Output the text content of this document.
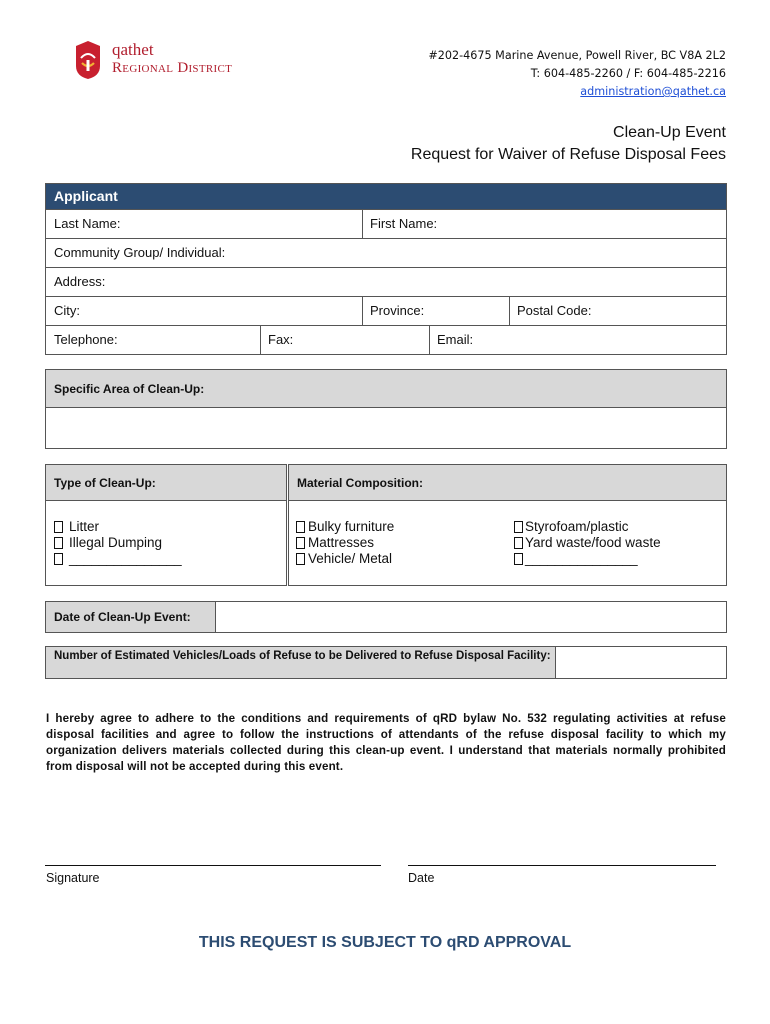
qathet
Regional District
#202-4675 Marine Avenue, Powell River, BC V8A 2L2
T: 604-485-2260 / F: 604-485-2216
administration@qathet.ca
Clean-Up Event
Request for Waiver of Refuse Disposal Fees
Applicant
Last Name:	First Name:
Community Group/ Individual:
Address:
City:	Province:	Postal Code:
Telephone:	Fax:	Email:
Specific Area of Clean-Up:
Type of Clean-Up:
Litter
Illegal Dumping
_______________
Material Composition:
Bulky furniture
Mattresses
Vehicle/ Metal
Styrofoam/plastic
Yard waste/food waste
_______________
Date of Clean-Up Event:
Number of Estimated Vehicles/Loads of Refuse to be Delivered to Refuse Disposal Facility:
I hereby agree to adhere to the conditions and requirements of qRD bylaw No. 532 regulating activities at refuse disposal facilities and agree to follow the instructions of attendants of the refuse disposal facility to which my organization delivers materials collected during this clean-up event. I understand that materials normally prohibited from disposal will not be accepted during this event.
Signature	Date
THIS REQUEST IS SUBJECT TO qRD APPROVAL
